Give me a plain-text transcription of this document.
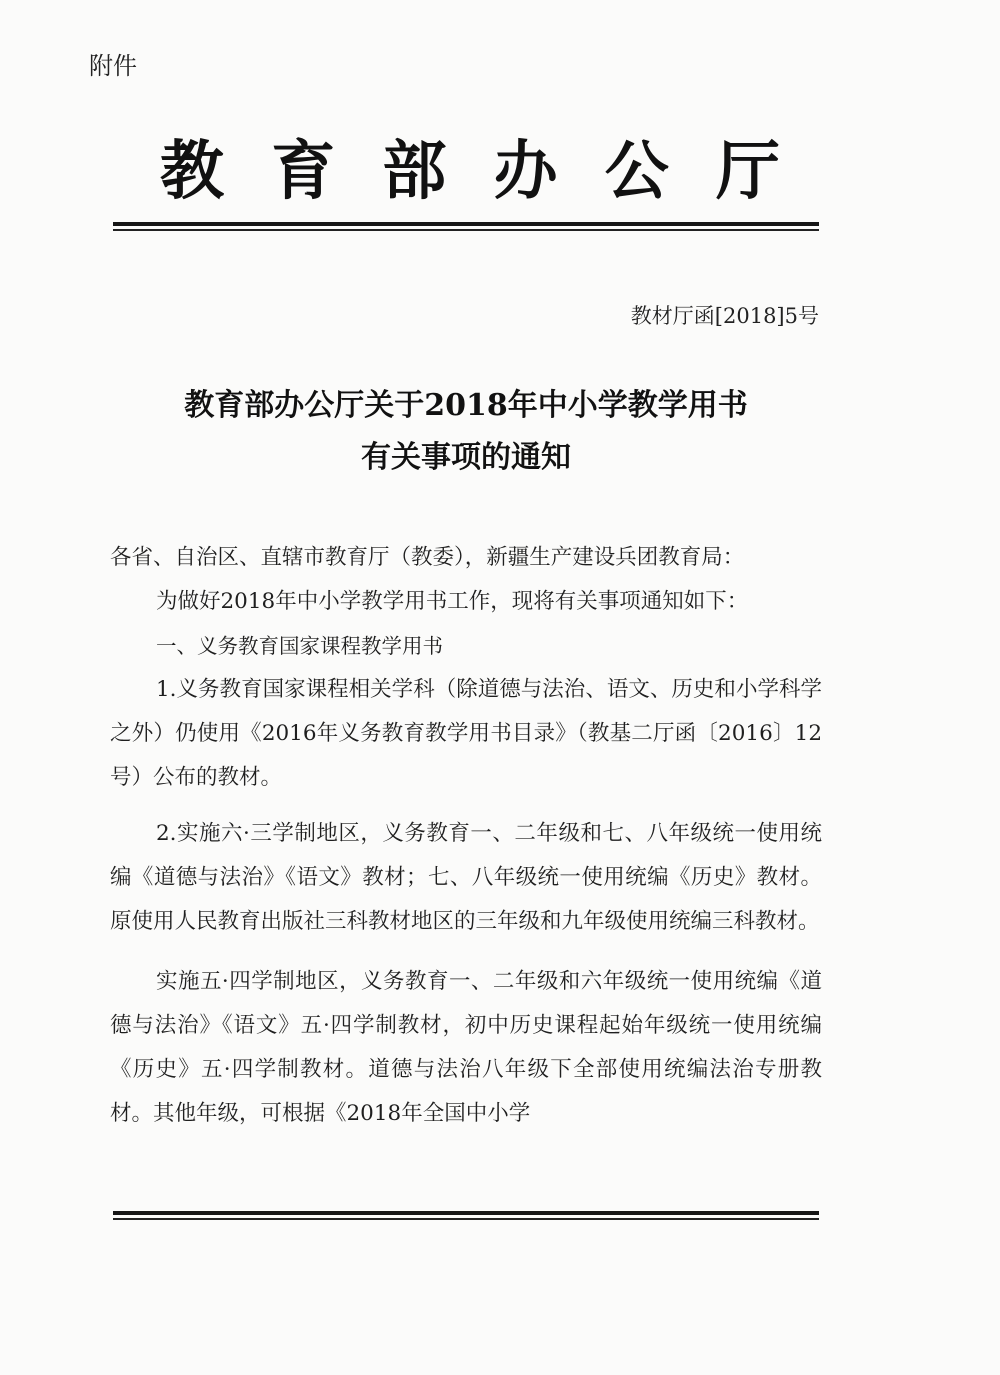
附件
教 育 部 办 公 厅
教材厅函[2018]5号
教育部办公厅关于2018年中小学教学用书
有关事项的通知

各省、自治区、直辖市教育厅（教委），新疆生产建设兵团教育局：

为做好2018年中小学教学用书工作，现将有关事项通知如下：

一、义务教育国家课程教学用书

1.义务教育国家课程相关学科（除道德与法治、语文、历史和小学科学之外）仍使用《2016年义务教育教学用书目录》（教基二厅函〔2016〕12号）公布的教材。

2.实施六·三学制地区，义务教育一、二年级和七、八年级统一使用统编《道德与法治》《语文》教材；七、八年级统一使用统编《历史》教材。原使用人民教育出版社三科教材地区的三年级和九年级使用统编三科教材。

实施五·四学制地区，义务教育一、二年级和六年级统一使用统编《道德与法治》《语文》五·四学制教材，初中历史课程起始年级统一使用统编《历史》五·四学制教材。道德与法治八年级下全部使用统编法治专册教材。其他年级，可根据《2018年全国中小学
